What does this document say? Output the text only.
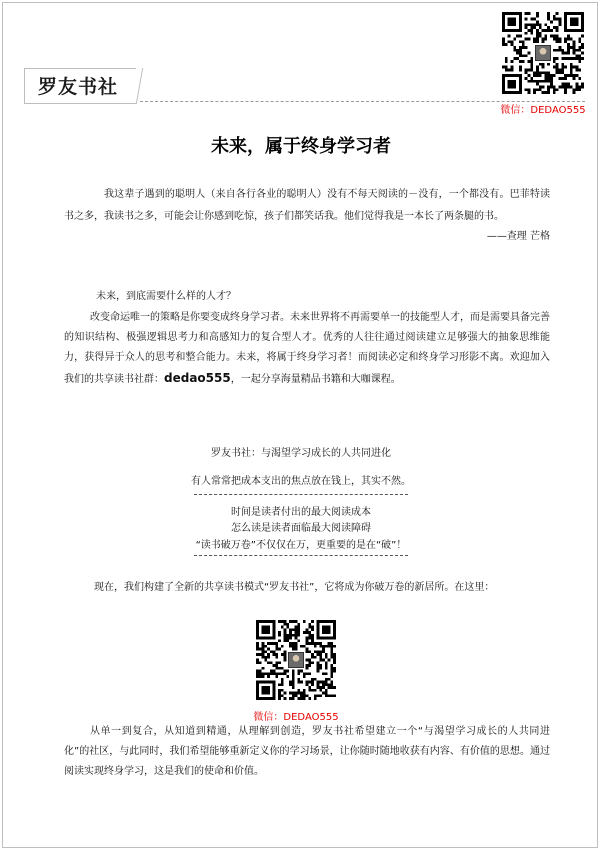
罗友书社
微信：DEDAO555
未来，属于终身学习者
我这辈子遇到的聪明人（来自各行各业的聪明人）没有不每天阅读的－没有，一个都没有。巴菲特读书之多，我读书之多，可能会让你感到吃惊，孩子们都笑话我。他们觉得我是一本长了两条腿的书。
——查理 芒格
未来，到底需要什么样的人才？
改变命运唯一的策略是你要变成终身学习者。未来世界将不再需要单一的技能型人才，而是需要具备完善的知识结构、极强逻辑思考力和高感知力的复合型人才。优秀的人往往通过阅读建立足够强大的抽象思维能力，获得异于众人的思考和整合能力。未来，将属于终身学习者！而阅读必定和终身学习形影不离。欢迎加入我们的共享读书社群：dedao555，一起分享海量精品书籍和大咖课程。
罗友书社：与渴望学习成长的人共同进化
有人常常把成本支出的焦点放在钱上，其实不然。
时间是读者付出的最大阅读成本
怎么读是读者面临最大阅读障碍
“读书破万卷”不仅仅在万，更重要的是在“破”！
现在，我们构建了全新的共享读书模式“罗友书社”，它将成为你破万卷的新居所。在这里：
微信：DEDAO555
从单一到复合，从知道到精通，从理解到创造，罗友书社希望建立一个“与渴望学习成长的人共同进化”的社区，与此同时，我们希望能够重新定义你的学习场景，让你随时随地收获有内容、有价值的思想。通过阅读实现终身学习，这是我们的使命和价值。
